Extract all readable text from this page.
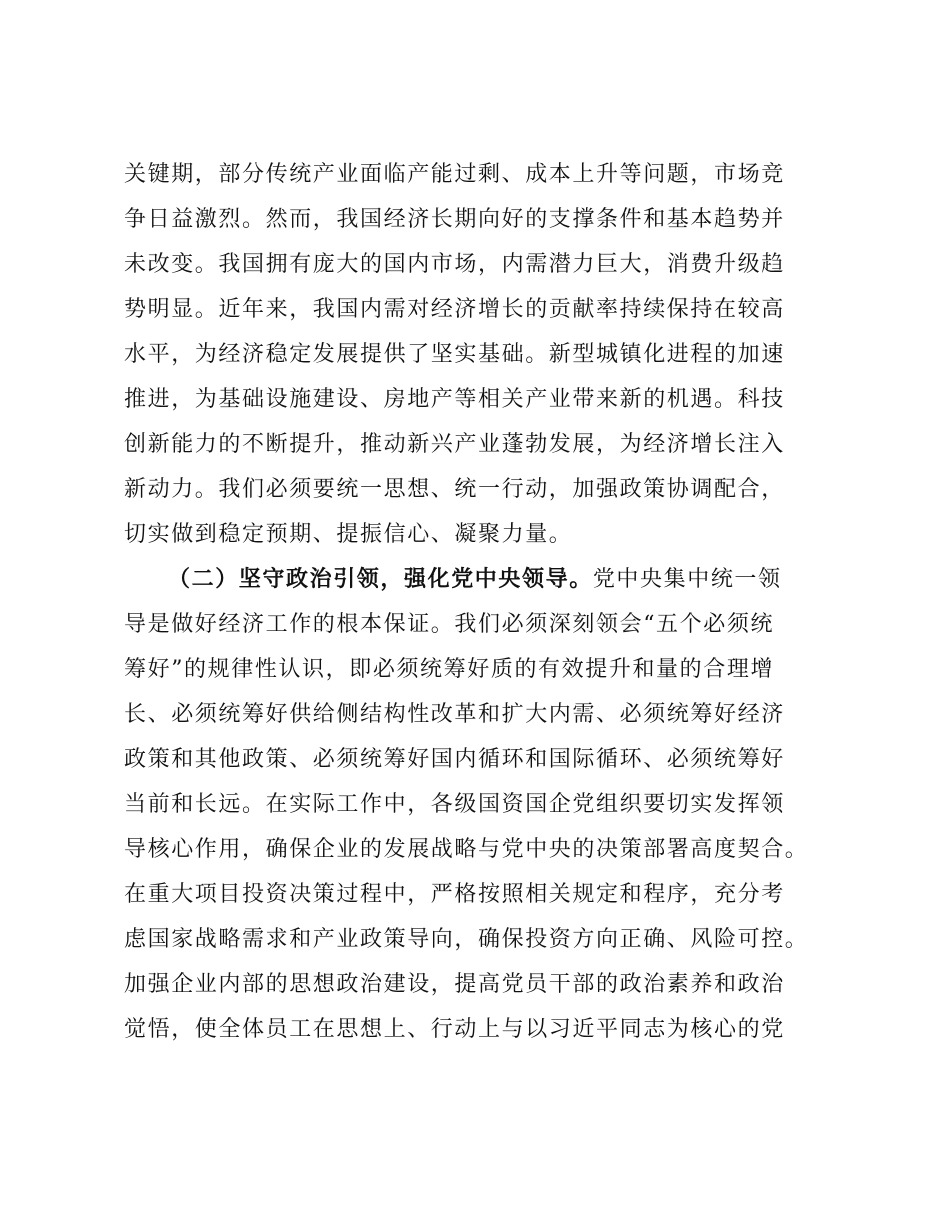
关键期，部分传统产业面临产能过剩、成本上升等问题，市场竞
争日益激烈。然而，我国经济长期向好的支撑条件和基本趋势并
未改变。我国拥有庞大的国内市场，内需潜力巨大，消费升级趋
势明显。近年来，我国内需对经济增长的贡献率持续保持在较高
水平，为经济稳定发展提供了坚实基础。新型城镇化进程的加速
推进，为基础设施建设、房地产等相关产业带来新的机遇。科技
创新能力的不断提升，推动新兴产业蓬勃发展，为经济增长注入
新动力。我们必须要统一思想、统一行动，加强政策协调配合，
切实做到稳定预期、提振信心、凝聚力量。
（二）坚守政治引领，强化党中央领导。党中央集中统一领
导是做好经济工作的根本保证。我们必须深刻领会“五个必须统
筹好”的规律性认识，即必须统筹好质的有效提升和量的合理增
长、必须统筹好供给侧结构性改革和扩大内需、必须统筹好经济
政策和其他政策、必须统筹好国内循环和国际循环、必须统筹好
当前和长远。在实际工作中，各级国资国企党组织要切实发挥领
导核心作用，确保企业的发展战略与党中央的决策部署高度契合。
在重大项目投资决策过程中，严格按照相关规定和程序，充分考
虑国家战略需求和产业政策导向，确保投资方向正确、风险可控。
加强企业内部的思想政治建设，提高党员干部的政治素养和政治
觉悟，使全体员工在思想上、行动上与以习近平同志为核心的党
